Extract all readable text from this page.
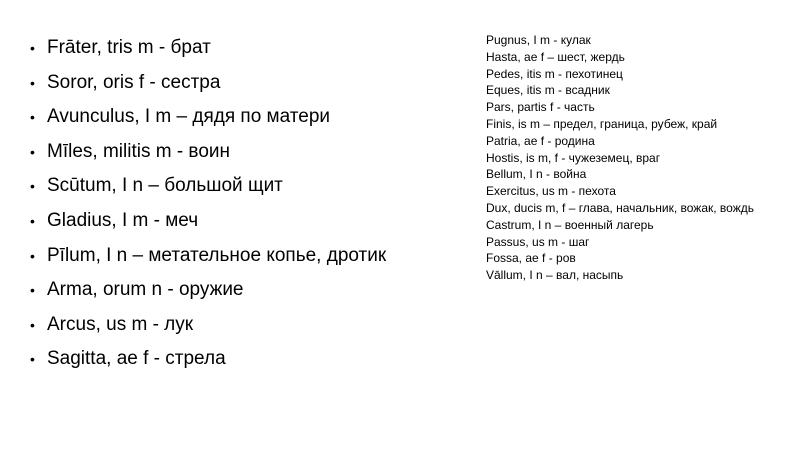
• Frāter, tris m - брат
• Soror, oris f - сестра
• Avunculus, I m – дядя по матери
• Mīles, militis m - воин
• Scūtum, I n – большой щит
• Gladius, I m - меч
• Pīlum, I n – метательное копье, дротик
• Arma, orum n - оружие
• Arcus, us m - лук
• Sagitta, ae f - стрела
Pugnus, I m - кулак
Hasta, ae f – шест, жердь
Pedes, itis m - пехотинец
Eques, itis m - всадник
Pars, partis f - часть
Finis, is m – предел, граница, рубеж, край
Patria, ae f - родина
Hostis, is m, f - чужеземец, враг
Bellum, I n - война
Exercitus, us m - пехота
Dux, ducis m, f – глава, начальник, вожак, вождь
Castrum, I n – военный лагерь
Passus, us m - шаг
Fossa, ae f - ров
Vāllum, I n – вал, насыпь
